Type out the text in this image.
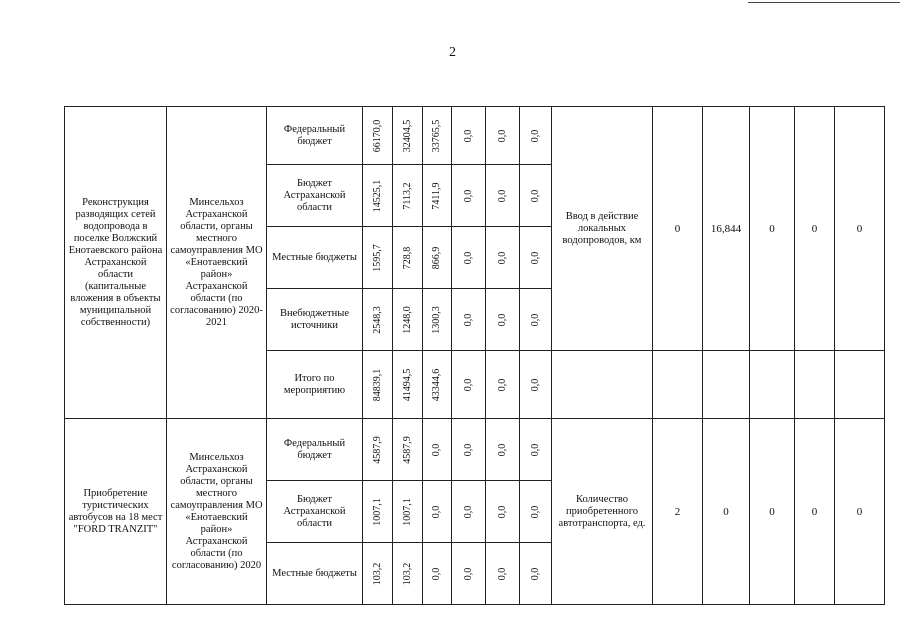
2
Реконструкция разводящих сетей водопровода в поселке Волжский Енотаевского района Астраханской области (капитальные вложения в объекты муниципальной собственности)	Минсельхоз Астраханской области, органы местного самоуправления МО «Енотаевский район» Астраханской области (по согласованию) 2020-2021	Федеральный бюджет	66170,0	32404,5	33765,5	0,0	0,0	0,0	Ввод в действие локальных водопроводов, км	0	16,844	0	0	0
		Бюджет Астраханской области	14525,1	7113,2	7411,9	0,0	0,0	0,0						

		Местные бюджеты	1595,7	728,8	866,9	0,0	0,0	0,0						

		Внебюджетные источники	2548,3	1248,0	1300,3	0,0	0,0	0,0						

		Итого по мероприятию	84839,1	41494,5	43344,6	0,0	0,0	0,0						

Приобретение туристических автобусов на 18 мест "FORD TRANZIT"	Минсельхоз Астраханской области, органы местного самоуправления МО «Енотаевский район» Астраханской области (по согласованию) 2020	Федеральный бюджет	4587,9	4587,9	0,0	0,0	0,0	0,0	Количество приобретенного автотранспорта, ед.	2	0	0	0	0
		Бюджет Астраханской области	1007,1	1007,1	0,0	0,0	0,0	0,0						

		Местные бюджеты	103,2	103,2	0,0	0,0	0,0	0,0						
